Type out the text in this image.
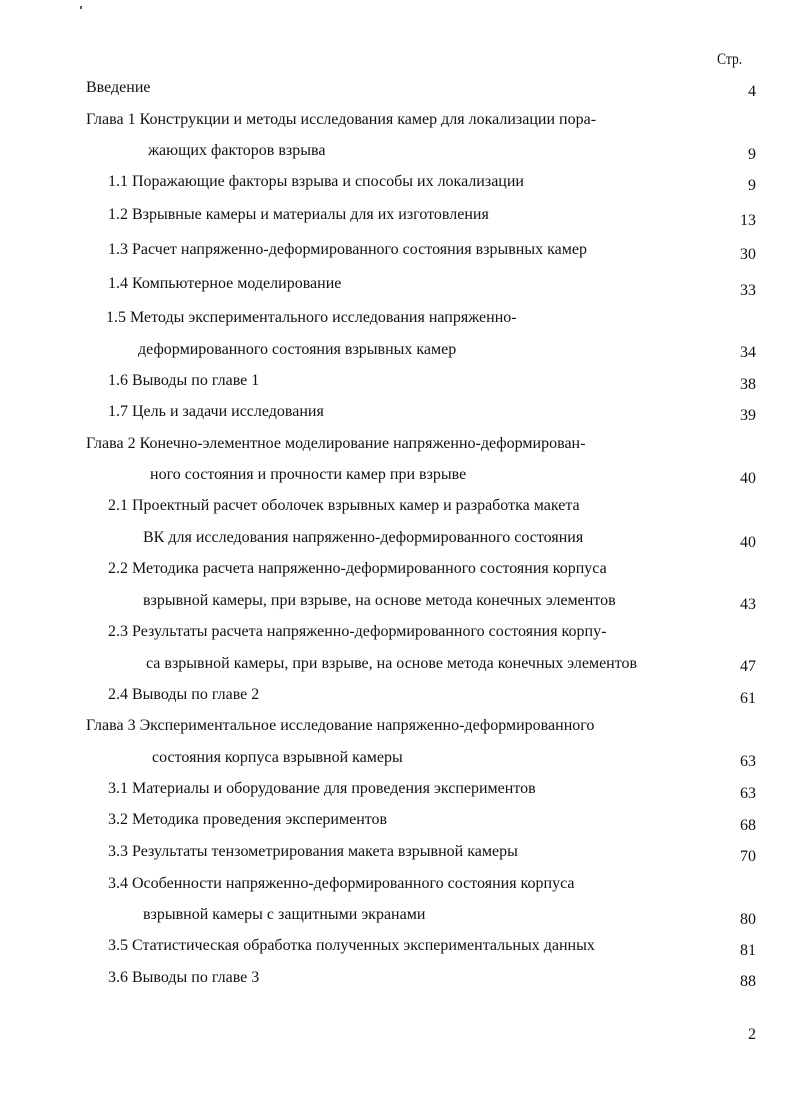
Стр.
Введение	4
Глава 1 Конструкции и методы исследования камер для локализации пора-
жающих факторов взрыва	9
1.1 Поражающие факторы взрыва и способы их локализации	9
1.2 Взрывные камеры и материалы для их изготовления	13
1.3 Расчет напряженно-деформированного состояния взрывных камер	30
1.4 Компьютерное моделирование	33
1.5 Методы экспериментального исследования напряженно-
деформированного состояния взрывных камер	34
1.6 Выводы по главе 1	38
1.7 Цель и задачи исследования	39
Глава 2 Конечно-элементное моделирование напряженно-деформирован-
ного состояния и прочности камер при взрыве	40
2.1 Проектный расчет оболочек взрывных камер и разработка макета
ВК для исследования напряженно-деформированного состояния	40
2.2 Методика расчета напряженно-деформированного состояния корпуса
взрывной камеры, при взрыве, на основе метода конечных элементов	43
2.3 Результаты расчета напряженно-деформированного состояния корпу-
са взрывной камеры, при взрыве, на основе метода конечных элементов	47
2.4 Выводы по главе 2	61
Глава 3 Экспериментальное исследование напряженно-деформированного
состояния корпуса взрывной камеры	63
3.1 Материалы и оборудование для проведения экспериментов	63
3.2 Методика проведения экспериментов	68
3.3 Результаты тензометрирования макета взрывной камеры	70
3.4 Особенности напряженно-деформированного состояния корпуса
взрывной камеры с защитными экранами	80
3.5 Статистическая обработка полученных экспериментальных данных	81
3.6 Выводы по главе 3	88
2
